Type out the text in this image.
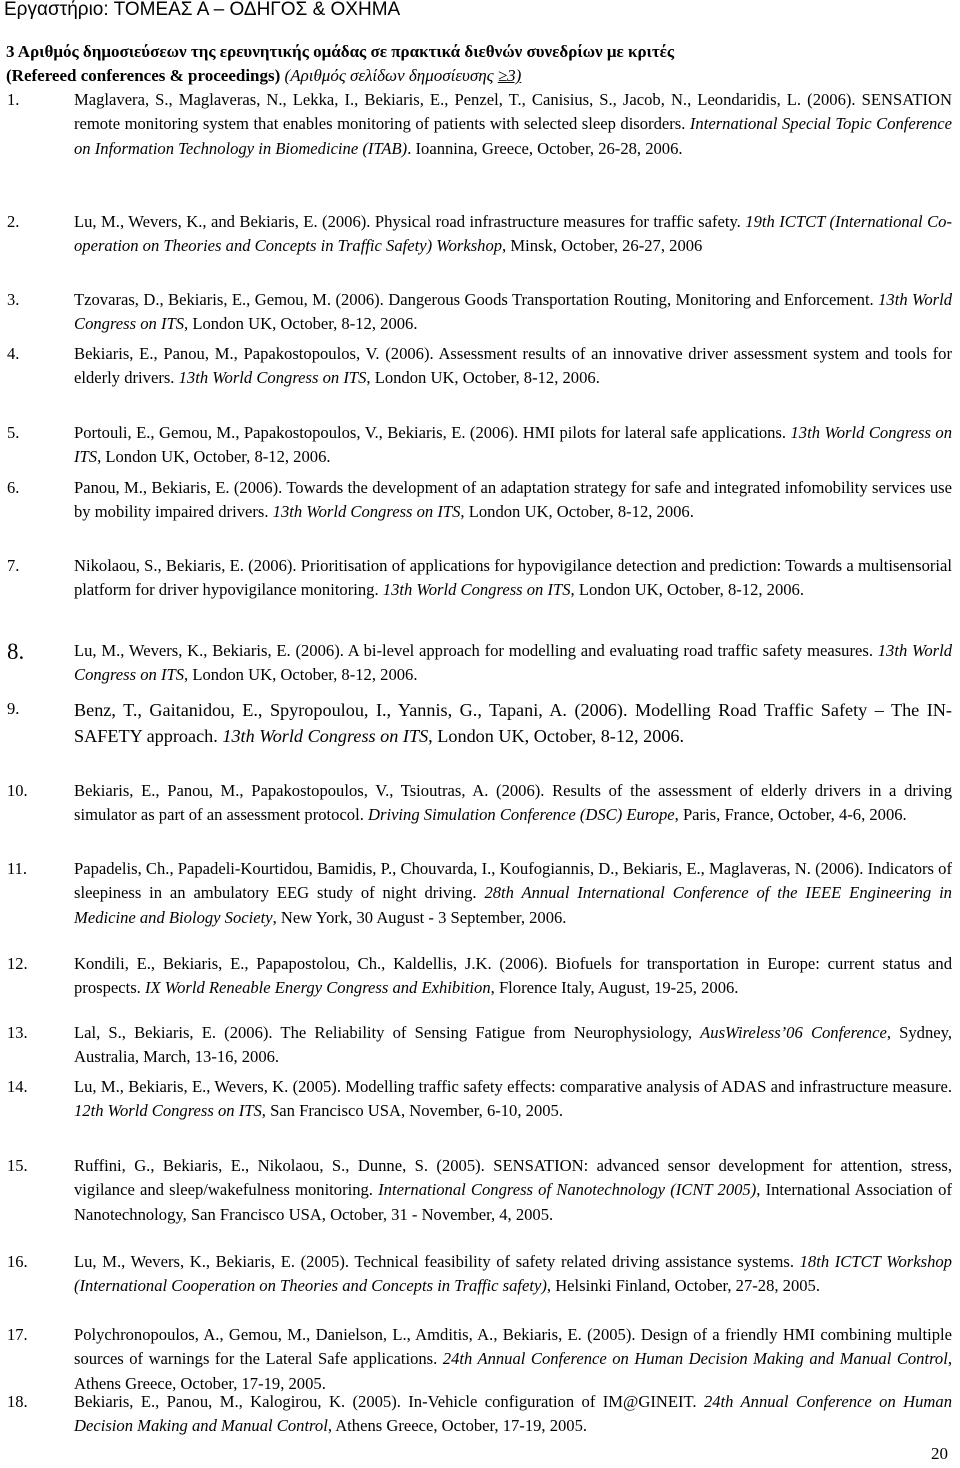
Εργαστήριο: ΤΟΜΕΑΣ Α – ΟΔΗΓΟΣ & ΟΧΗΜΑ
3 Αριθμός δημοσιεύσεων της ερευνητικής ομάδας σε πρακτικά διεθνών συνεδρίων με κριτές
(Refereed conferences & proceedings) (Αριθμός σελίδων δημοσίευσης ≥3)
1.	Maglavera, S., Maglaveras, N., Lekka, I., Bekiaris, E., Penzel, T., Canisius, S., Jacob, N., Leondaridis, L. (2006). SENSATION remote monitoring system that enables monitoring of patients with selected sleep disorders. International Special Topic Conference on Information Technology in Biomedicine (ITAB). Ioannina, Greece, October, 26-28, 2006.
2.	Lu, M., Wevers, K., and Bekiaris, E. (2006). Physical road infrastructure measures for traffic safety. 19th ICTCT (International Co-operation on Theories and Concepts in Traffic Safety) Workshop, Minsk, October, 26-27, 2006
3.	Tzovaras, D., Bekiaris, E., Gemou, M. (2006). Dangerous Goods Transportation Routing, Monitoring and Enforcement. 13th World Congress on ITS, London UK, October, 8-12, 2006.
4.	Bekiaris, E., Panou, M., Papakostopoulos, V. (2006). Assessment results of an innovative driver assessment system and tools for elderly drivers. 13th World Congress on ITS, London UK, October, 8-12, 2006.
5.	Portouli, E., Gemou, M., Papakostopoulos, V., Bekiaris, E. (2006). HMI pilots for lateral safe applications. 13th World Congress on ITS, London UK, October, 8-12, 2006.
6.	Panou, M., Bekiaris, E. (2006). Towards the development of an adaptation strategy for safe and integrated infomobility services use by mobility impaired drivers. 13th World Congress on ITS, London UK, October, 8-12, 2006.
7.	Nikolaou, S., Bekiaris, E. (2006). Prioritisation of applications for hypovigilance detection and prediction: Towards a multisensorial platform for driver hypovigilance monitoring. 13th World Congress on ITS, London UK, October, 8-12, 2006.
8.	Lu, M., Wevers, K., Bekiaris, E. (2006). A bi-level approach for modelling and evaluating road traffic safety measures. 13th World Congress on ITS, London UK, October, 8-12, 2006.
9.	Benz, T., Gaitanidou, E., Spyropoulou, I., Yannis, G., Tapani, A. (2006). Modelling Road Traffic Safety – The IN-SAFETY approach. 13th World Congress on ITS, London UK, October, 8-12, 2006.
10.	Bekiaris, E., Panou, M., Papakostopoulos, V., Tsioutras, A. (2006). Results of the assessment of elderly drivers in a driving simulator as part of an assessment protocol. Driving Simulation Conference (DSC) Europe, Paris, France, October, 4-6, 2006.
11.	Papadelis, Ch., Papadeli-Kourtidou, Bamidis, P., Chouvarda, I., Koufogiannis, D., Bekiaris, E., Maglaveras, N. (2006). Indicators of sleepiness in an ambulatory EEG study of night driving. 28th Annual International Conference of the IEEE Engineering in Medicine and Biology Society, New York, 30 August - 3 September, 2006.
12.	Kondili, E., Bekiaris, E., Papapostolou, Ch., Kaldellis, J.K. (2006). Biofuels for transportation in Europe: current status and prospects. IX World Reneable Energy Congress and Exhibition, Florence Italy, August, 19-25, 2006.
13.	Lal, S., Bekiaris, E. (2006). The Reliability of Sensing Fatigue from Neurophysiology, AusWireless’06 Conference, Sydney, Australia, March, 13-16, 2006.
14.	Lu, M., Bekiaris, E., Wevers, K. (2005). Modelling traffic safety effects: comparative analysis of ADAS and infrastructure measure. 12th World Congress on ITS, San Francisco USA, November, 6-10, 2005.
15.	Ruffini, G., Bekiaris, E., Nikolaou, S., Dunne, S. (2005). SENSATION: advanced sensor development for attention, stress, vigilance and sleep/wakefulness monitoring. International Congress of Nanotechnology (ICNT 2005), International Association of Nanotechnology, San Francisco USA, October, 31 - November, 4, 2005.
16.	Lu, M., Wevers, K., Bekiaris, E. (2005). Technical feasibility of safety related driving assistance systems. 18th ICTCT Workshop (International Cooperation on Theories and Concepts in Traffic safety), Helsinki Finland, October, 27-28, 2005.
17.	Polychronopoulos, A., Gemou, M., Danielson, L., Amditis, A., Bekiaris, E. (2005). Design of a friendly HMI combining multiple sources of warnings for the Lateral Safe applications. 24th Annual Conference on Human Decision Making and Manual Control, Athens Greece, October, 17-19, 2005.
18.	Bekiaris, E., Panou, M., Kalogirou, K. (2005). In-Vehicle configuration of IM@GINEIT. 24th Annual Conference on Human Decision Making and Manual Control, Athens Greece, October, 17-19, 2005.
20
